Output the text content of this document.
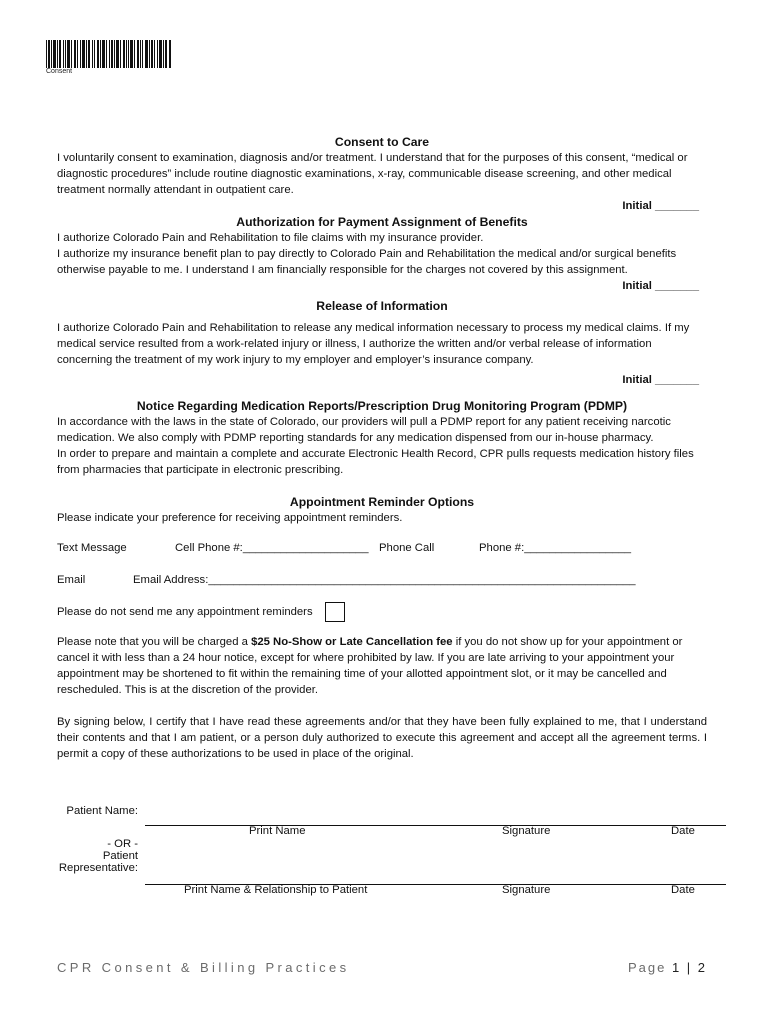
Consent
Consent to Care

I voluntarily consent to examination, diagnosis and/or treatment. I understand that for the purposes of this consent, “medical or diagnostic procedures” include routine diagnostic examinations, x-ray, communicable disease screening, and other medical treatment normally attendant in outpatient care.

Initial _______
Authorization for Payment Assignment of Benefits

I authorize Colorado Pain and Rehabilitation to file claims with my insurance provider.

I authorize my insurance benefit plan to pay directly to Colorado Pain and Rehabilitation the medical and/or surgical benefits otherwise payable to me. I understand I am financially responsible for the charges not covered by this assignment.

Initial _______
Release of Information

I authorize Colorado Pain and Rehabilitation to release any medical information necessary to process my medical claims. If my medical service resulted from a work-related injury or illness, I authorize the written and/or verbal release of information concerning the treatment of my work injury to my employer and employer’s insurance company.

Initial _______
Notice Regarding Medication Reports/Prescription Drug Monitoring Program (PDMP)

In accordance with the laws in the state of Colorado, our providers will pull a PDMP report for any patient receiving narcotic medication. We also comply with PDMP reporting standards for any medication dispensed from our in-house pharmacy.

In order to prepare and maintain a complete and accurate Electronic Health Record, CPR pulls requests medication history files from pharmacies that participate in electronic prescribing.

Appointment Reminder Options

Please indicate your preference for receiving appointment reminders.

Text Message	Cell Phone #:____________________ Phone Call	Phone #:_________________
Email	Email Address:____________________________________________________________________
Please do not send me any appointment reminders

Please note that you will be charged a $25 No-Show or Late Cancellation fee if you do not show up for your appointment or cancel it with less than a 24 hour notice, except for where prohibited by law. If you are late arriving to your appointment your appointment may be shortened to fit within the remaining time of your allotted appointment slot, or it may be cancelled and rescheduled. This is at the discretion of the provider.

By signing below, I certify that I have read these agreements and/or that they have been fully explained to me, that I understand their contents and that I am patient, or a person duly authorized to execute this agreement and accept all the agreement terms. I permit a copy of these authorizations to be used in place of the original.

Patient Name:
Print Name	Signature	Date
- OR -
Patient
Representative:
Print Name & Relationship to Patient	Signature	Date
CPR Consent & Billing Practices	Page 1 | 2
